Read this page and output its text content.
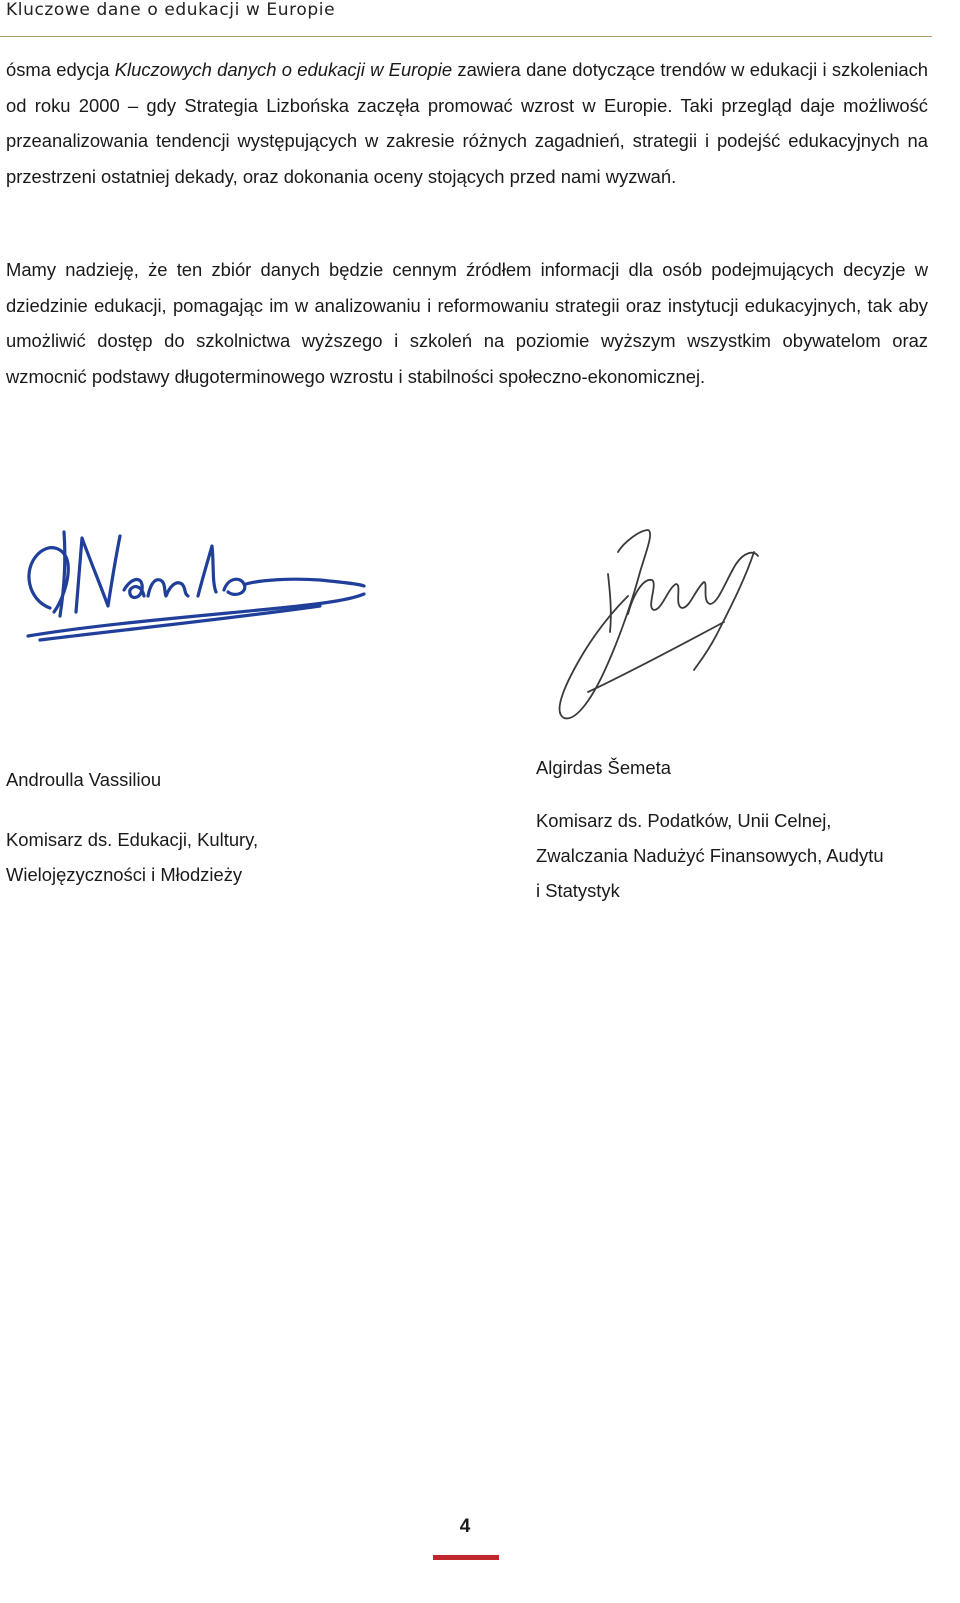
Kluczowe dane o edukacji w Europie

ósma edycja Kluczowych danych o edukacji w Europie zawiera dane dotyczące trendów w edukacji i szkoleniach od roku 2000 – gdy Strategia Lizbońska zaczęła promować wzrost w Europie. Taki przegląd daje możliwość przeanalizowania tendencji występujących w zakresie różnych zagadnień, strategii i podejść edukacyjnych na przestrzeni ostatniej dekady, oraz dokonania oceny stojących przed nami wyzwań.

Mamy nadzieję, że ten zbiór danych będzie cennym źródłem informacji dla osób podejmujących decyzje w dziedzinie edukacji, pomagając im w analizowaniu i reformowaniu strategii oraz instytucji edukacyjnych, tak aby umożliwić dostęp do szkolnictwa wyższego i szkoleń na poziomie wyższym wszystkim obywatelom oraz wzmocnić podstawy długoterminowego wzrostu i stabilności społeczno-ekonomicznej.

Androulla Vassiliou
Komisarz ds. Edukacji, Kultury,
Wielojęzyczności i Młodzieży
Algirdas Šemeta
Komisarz ds. Podatków, Unii Celnej,
Zwalczania Nadużyć Finansowych, Audytu
i Statystyk
4
